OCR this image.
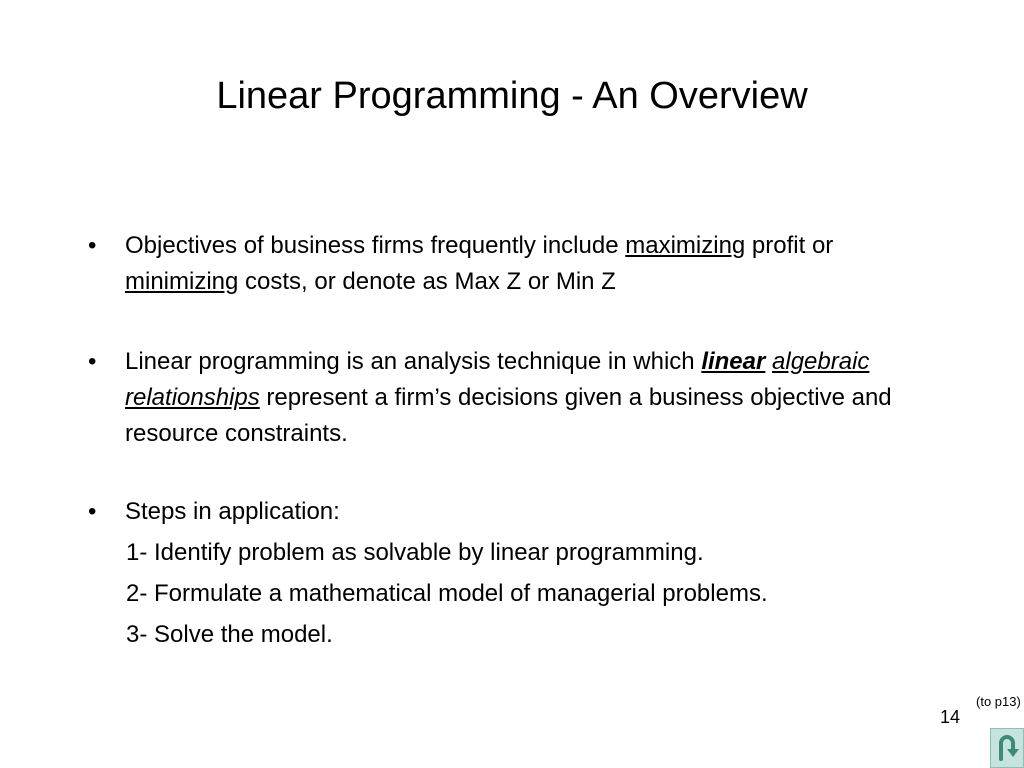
Linear Programming - An Overview
•	Objectives of business firms frequently include maximizing profit or minimizing costs, or denote as Max Z or Min Z
•	Linear programming is an analysis technique in which linear algebraic relationships represent a firm’s decisions given a business objective and resource constraints.
•	Steps in application:
1- Identify problem as solvable by linear programming.
2- Formulate a mathematical model of managerial problems.
3- Solve the model.
(to p13)
14
